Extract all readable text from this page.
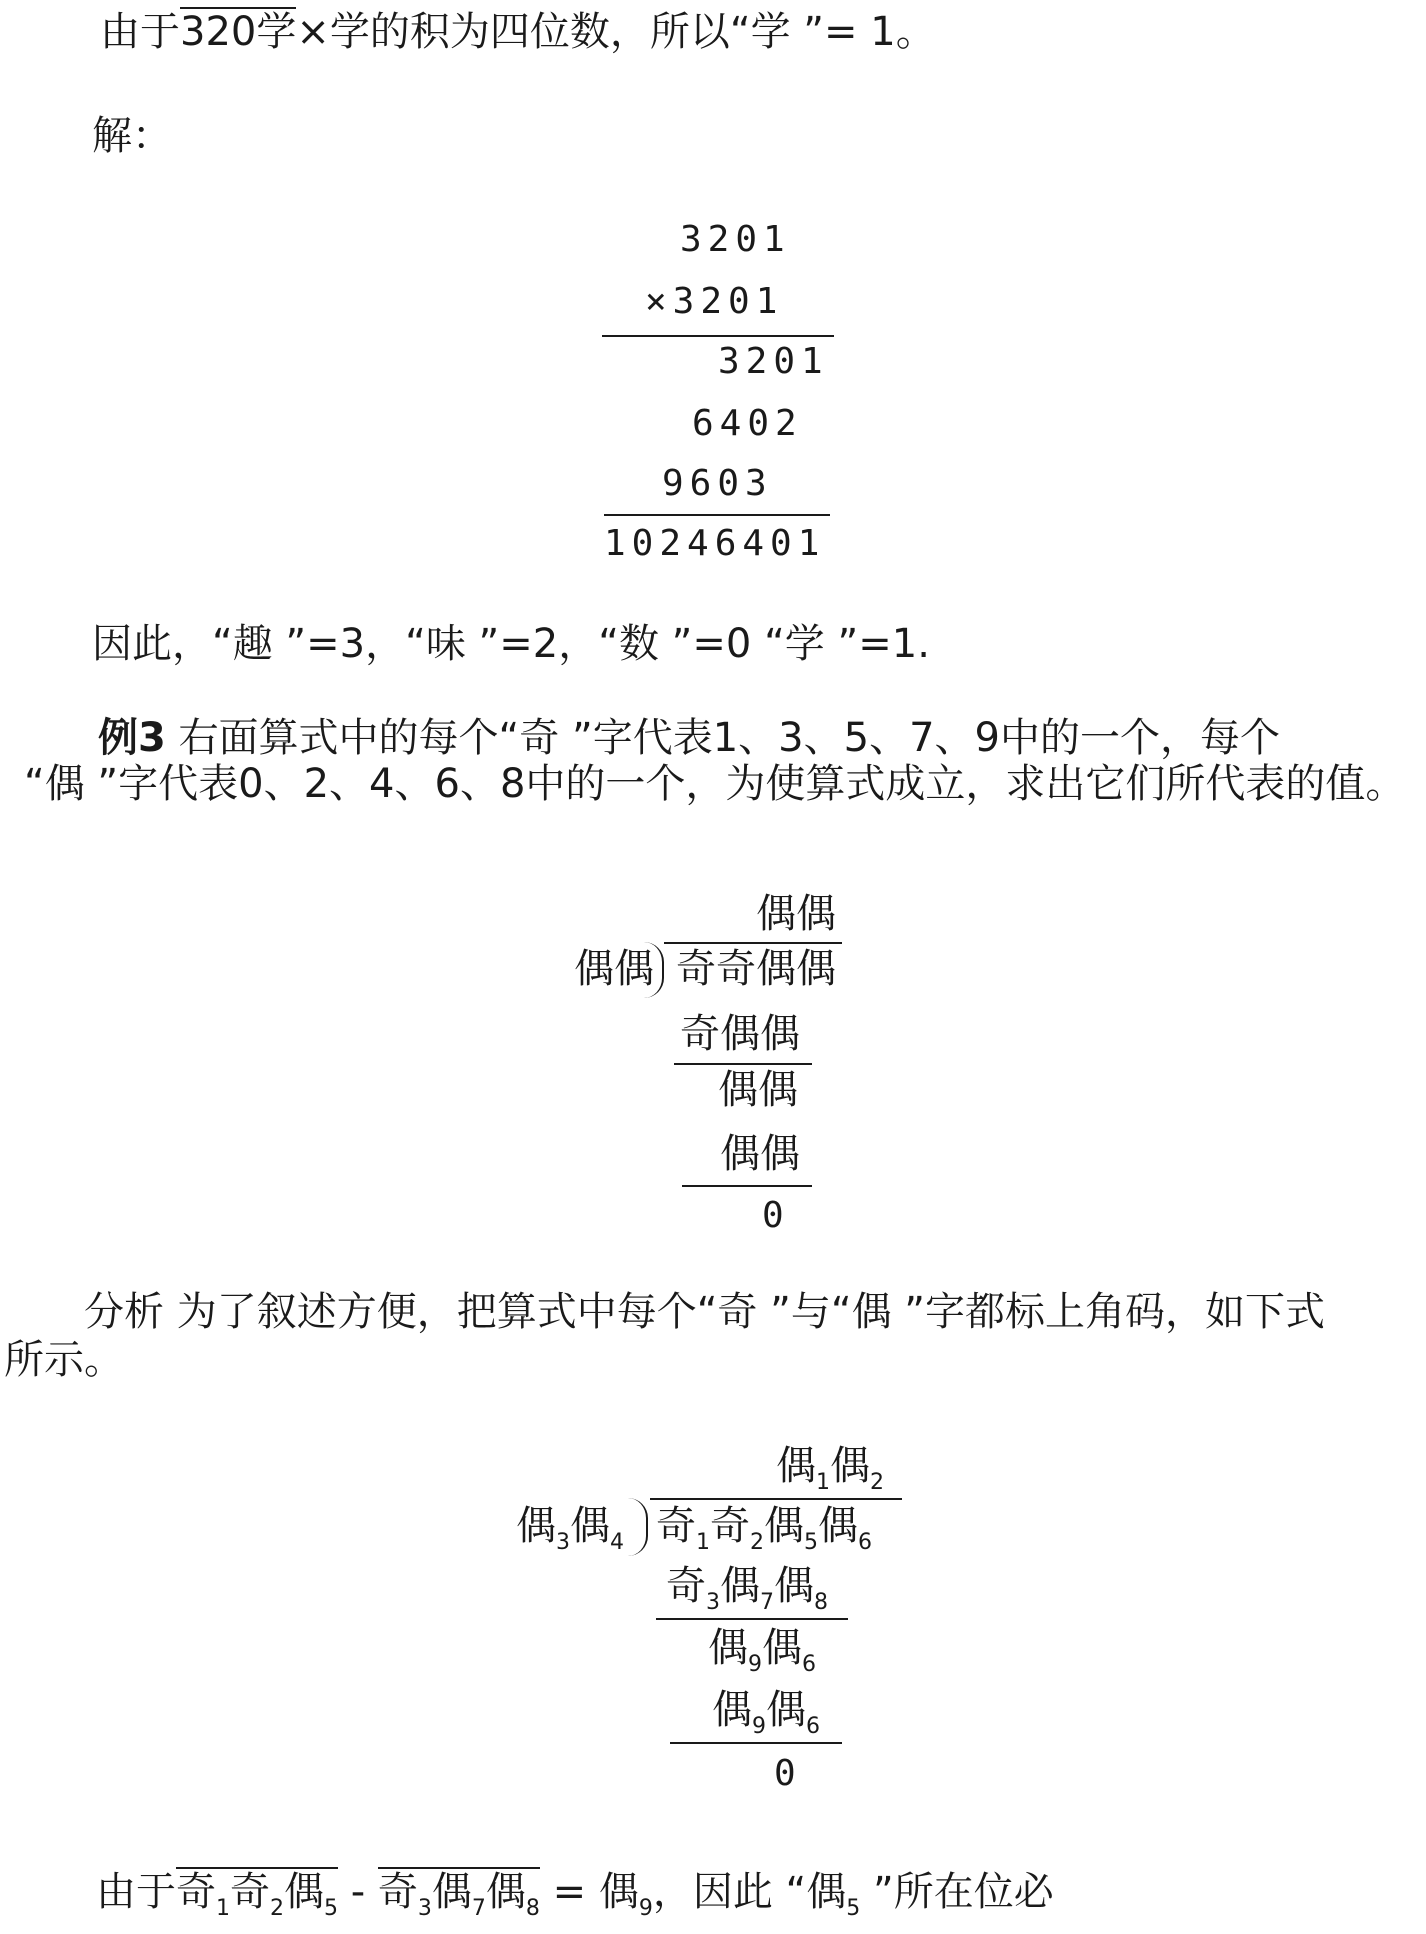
由于320学×学的积为四位数，所以“学 ”= 1。
解：
3201
×3201
3201
6402
9603
10246401
因此，“趣 ”=3，“味 ”=2，“数 ”=0 “学 ”=1.
例3 右面算式中的每个“奇 ”字代表1、3、5、7、9中的一个，每个
“偶 ”字代表0、2、4、6、8中的一个，为使算式成立，求出它们所代表的值。
偶偶
偶偶 奇奇偶偶
奇偶偶
偶偶
偶偶
0
分析 为了叙述方便，把算式中每个“奇 ”与“偶 ”字都标上角码，如下式
所示。
偶$_1$偶$_2$
偶$_3$偶$_4$ 奇$_1$奇$_2$偶$_5$偶$_6$
奇$_3$偶$_7$偶$_8$
偶$_9$偶$_6$
偶$_9$偶$_6$
0
由于奇$_1$奇$_2$偶$_5$ - 奇$_3$偶$_7$偶$_8$ = 偶$_9$，因此 “偶$_5$ ”所在位必
